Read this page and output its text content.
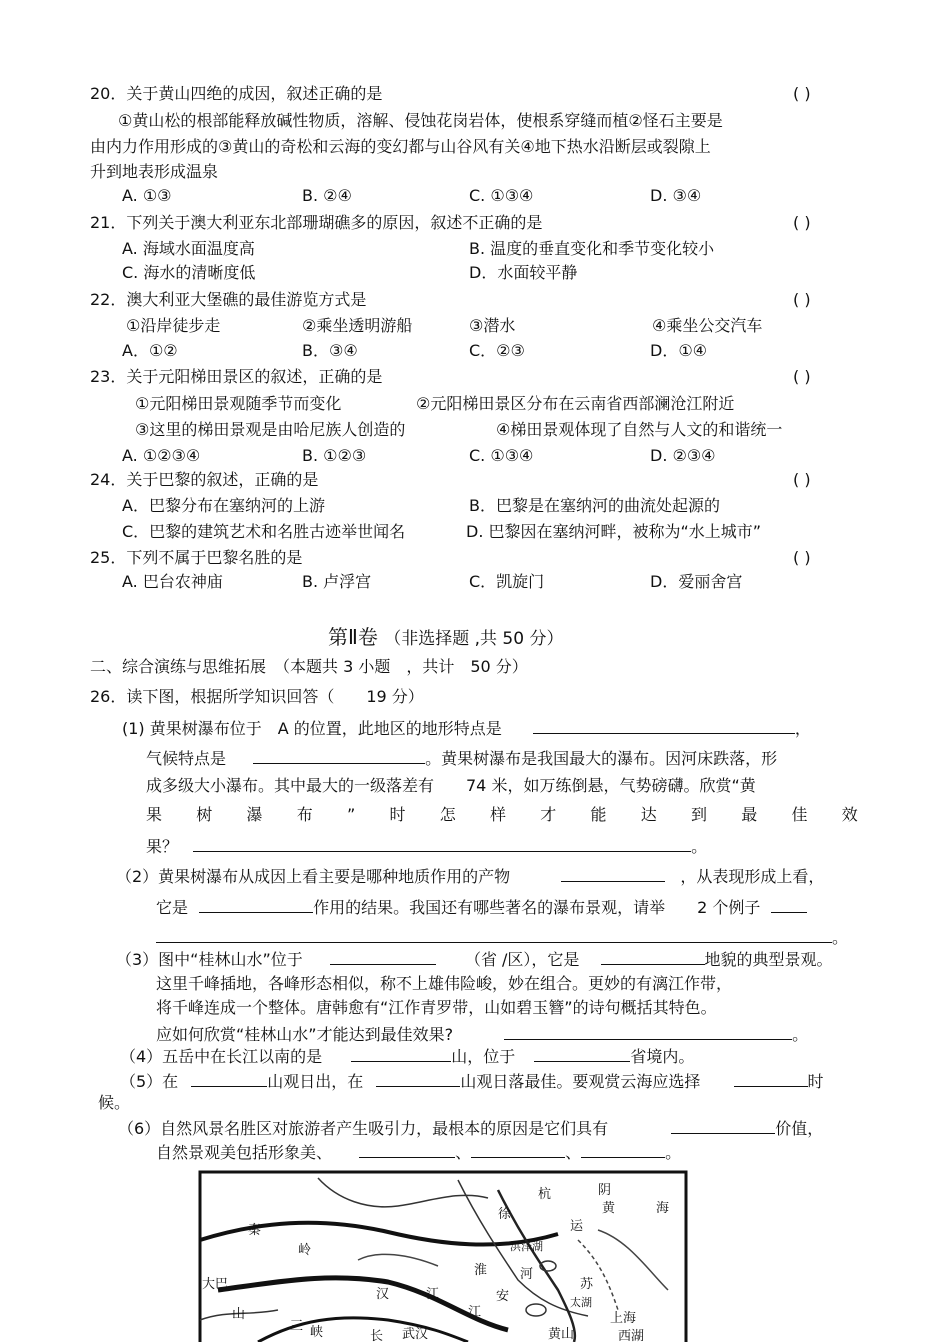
20．关于黄山四绝的成因，叙述正确的是	( )
①黄山松的根部能释放碱性物质，溶解、侵蚀花岗岩体，使根系穿缝而植②怪石主要是
由内力作用形成的③黄山的奇松和云海的变幻都与山谷风有关④地下热水沿断层或裂隙上
升到地表形成温泉
A. ①③	B. ②④	C. ①③④	D. ③④
21．下列关于澳大利亚东北部珊瑚礁多的原因，叙述不正确的是	( )
A. 海域水面温度高	B. 温度的垂直变化和季节变化较小
C. 海水的清晰度低	D．水面较平静
22．澳大利亚大堡礁的最佳游览方式是	( )
①沿岸徒步走	②乘坐透明游船	③潜水	④乘坐公交汽车
A．①②	B．③④	C．②③	D．①④
23．关于元阳梯田景区的叙述，正确的是	( )
①元阳梯田景观随季节而变化	②元阳梯田景区分布在云南省西部澜沧江附近
③这里的梯田景观是由哈尼族人创造的	④梯田景观体现了自然与人文的和谐统一
A. ①②③④	B. ①②③	C. ①③④	D. ②③④
24．关于巴黎的叙述，正确的是	( )
A．巴黎分布在塞纳河的上游	B．巴黎是在塞纳河的曲流处起源的
C．巴黎的建筑艺术和名胜古迹举世闻名	D. 巴黎因在塞纳河畔，被称为“水上城市”
25．下列不属于巴黎名胜的是	( )
A. 巴台农神庙	B. 卢浮宫	C．凯旋门	D．爱丽舍宫
第Ⅱ卷 （非选择题 ,共 50 分）
二、综合演练与思维拓展　（本题共 3 小题　，共计　50 分）
26．读下图，根据所学知识回答（　　19 分）
(1) 黄果树瀑布位于　A 的位置，此地区的地形特点是	，
气候特点是	。黄果树瀑布是我国最大的瀑布。因河床跌落，形
成多级大小瀑布。其中最大的一级落差有　　74 米，如万练倒悬，气势磅礴。欣赏“黄
果 树 瀑 布 ” 时 怎 样 才 能 达 到 最 佳 效
果？	。
（2）黄果树瀑布从成因上看主要是哪种地质作用的产物	，从表现形成上看，
它是	作用的结果。我国还有哪些著名的瀑布景观，请举　　2 个例子
。
（3）图中“桂林山水”位于	（省 /区），它是	地貌的典型景观。
这里千峰插地，各峰形态相似，称不上雄伟险峻，妙在组合。更妙的有漓江作带，
将千峰连成一个整体。唐韩愈有“江作青罗带，山如碧玉簪”的诗句概括其特色。
应如何欣赏“桂林山水”才能达到最佳效果?	。
（4）五岳中在长江以南的是	山，位于	省境内。
（5）在	山观日出，在	山观日落最佳。要观赏云海应选择	时
候。
（6）自然风景名胜区对旅游者产生吸引力，最根本的原因是它们具有	价值，
自然景观美包括形象美、	、	、	。
黄	海
秦
岭
大巴
山
三 峡
汉	江
武汉
长
淮	河
运
徐
上海
黄山	西湖
江
苏
杭
安
阴
洪泽湖
太湖
